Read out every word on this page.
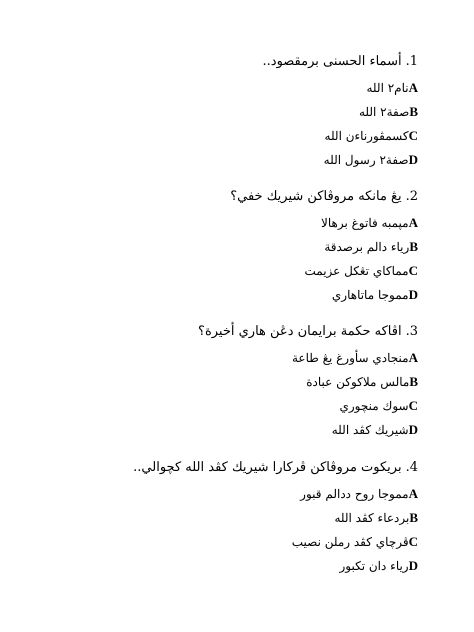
1.
أسماء الحسنى برمقصود..
Aنام٢ الله
Bصفة٢ الله
Cكسمڤورناءن الله
Dصفة٢ رسول الله
2.
يڠ مانكه مروڤاكن شيريك خفي؟
Aمڽمبه فاتوغ برهالا
Bرياء دالم برصدقة
Cمماكاي تڠكل عزيمت
Dمموجا ماتاهاري
3.
اڤاكه حكمة برايمان دڠن هاري أخيرة؟
Aمنجادي سأورغ يڠ طاعة
Bمالس ملاكوكن عبادة
Cسوك منچوري
Dشيريك كڤد الله
4.
بريكوت مروڤاكن ڤركارا شيريك كڤد الله كچوالي..
Aمموجا روح ددالم قبور
Bبردعاء كڤد الله
Cڤرچاي كڤد رملن نصيب
Dرياء دان تكبور
